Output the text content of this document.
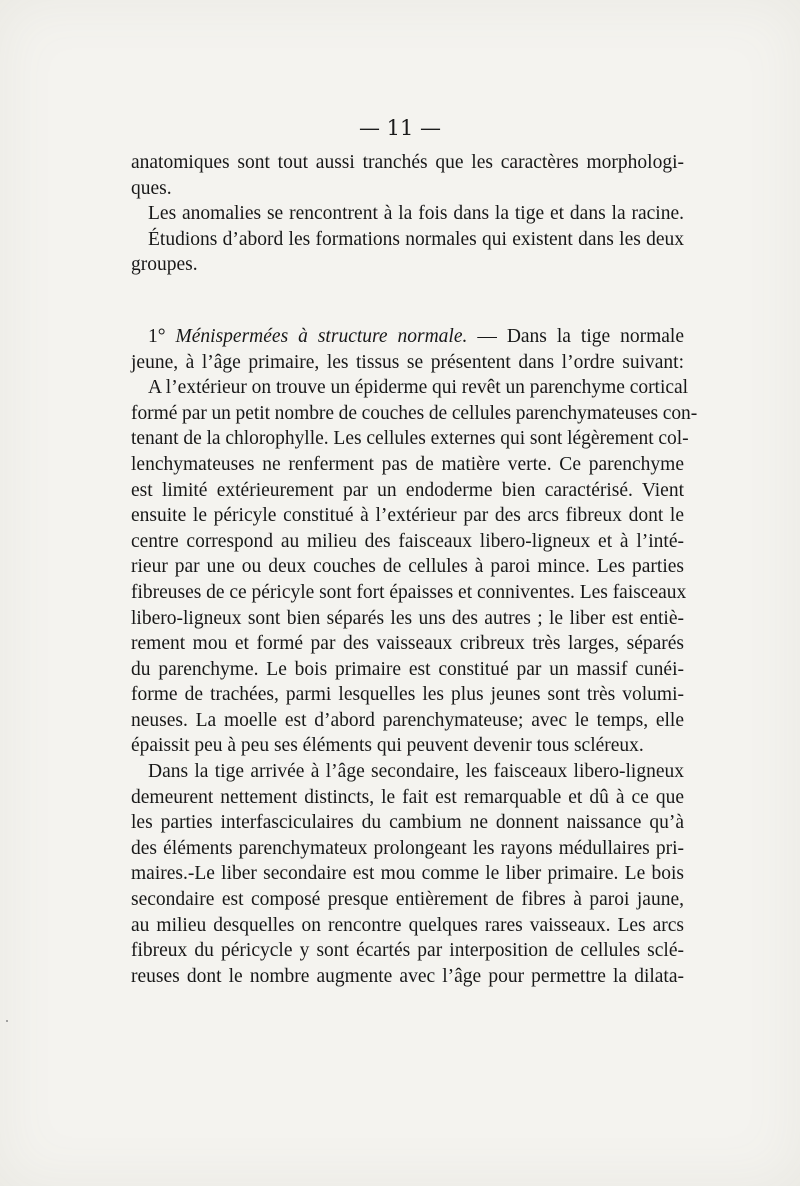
— 11 —
anatomiques sont tout aussi tranchés que les caractères morphologi-
ques.
Les anomalies se rencontrent à la fois dans la tige et dans la racine.
Étudions d’abord les formations normales qui existent dans les deux
groupes.
1° Ménispermées à structure normale. — Dans la tige normale
jeune, à l’âge primaire, les tissus se présentent dans l’ordre suivant:
A l’extérieur on trouve un épiderme qui revêt un parenchyme cortical
formé par un petit nombre de couches de cellules parenchymateuses con-
tenant de la chlorophylle. Les cellules externes qui sont légèrement col-
lenchymateuses ne renferment pas de matière verte. Ce parenchyme
est limité extérieurement par un endoderme bien caractérisé. Vient
ensuite le péricyle constitué à l’extérieur par des arcs fibreux dont le
centre correspond au milieu des faisceaux libero-ligneux et à l’inté-
rieur par une ou deux couches de cellules à paroi mince. Les parties
fibreuses de ce péricyle sont fort épaisses et conniventes. Les faisceaux
libero-ligneux sont bien séparés les uns des autres ; le liber est entiè-
rement mou et formé par des vaisseaux cribreux très larges, séparés
du parenchyme. Le bois primaire est constitué par un massif cunéi-
forme de trachées, parmi lesquelles les plus jeunes sont très volumi-
neuses. La moelle est d’abord parenchymateuse; avec le temps, elle
épaissit peu à peu ses éléments qui peuvent devenir tous scléreux.
Dans la tige arrivée à l’âge secondaire, les faisceaux libero-ligneux
demeurent nettement distincts, le fait est remarquable et dû à ce que
les parties interfasciculaires du cambium ne donnent naissance qu’à
des éléments parenchymateux prolongeant les rayons médullaires pri-
maires.‑Le liber secondaire est mou comme le liber primaire. Le bois
secondaire est composé presque entièrement de fibres à paroi jaune,
au milieu desquelles on rencontre quelques rares vaisseaux. Les arcs
fibreux du péricycle y sont écartés par interposition de cellules sclé-
reuses dont le nombre augmente avec l’âge pour permettre la dilata-
